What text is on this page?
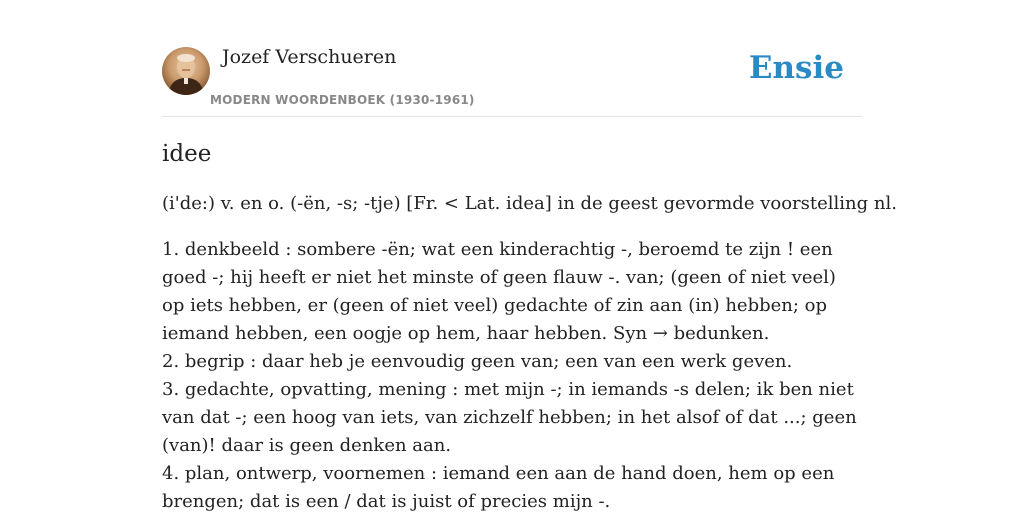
Jozef Verschueren
MODERN WOORDENBOEK (1930-1961)
Ensie
idee
(i'de:) v. en o. (-ën, -s; -tje) [Fr. < Lat. idea] in de geest gevormde voorstelling nl.
1. denkbeeld : sombere -ën; wat een kinderachtig -, beroemd te zijn ! een goed -; hij heeft er niet het minste of geen flauw -. van; (geen of niet veel) op iets hebben, er (geen of niet veel) gedachte of zin aan (in) hebben; op iemand hebben, een oogje op hem, haar hebben. Syn → bedunken.
2. begrip : daar heb je eenvoudig geen van; een van een werk geven.
3. gedachte, opvatting, mening : met mijn -; in iemands -s delen; ik ben niet van dat -; een hoog van iets, van zichzelf hebben; in het alsof of dat ...; geen (van)! daar is geen denken aan.
4. plan, ontwerp, voornemen : iemand een aan de hand doen, hem op een brengen; dat is een / dat is juist of precies mijn -.
